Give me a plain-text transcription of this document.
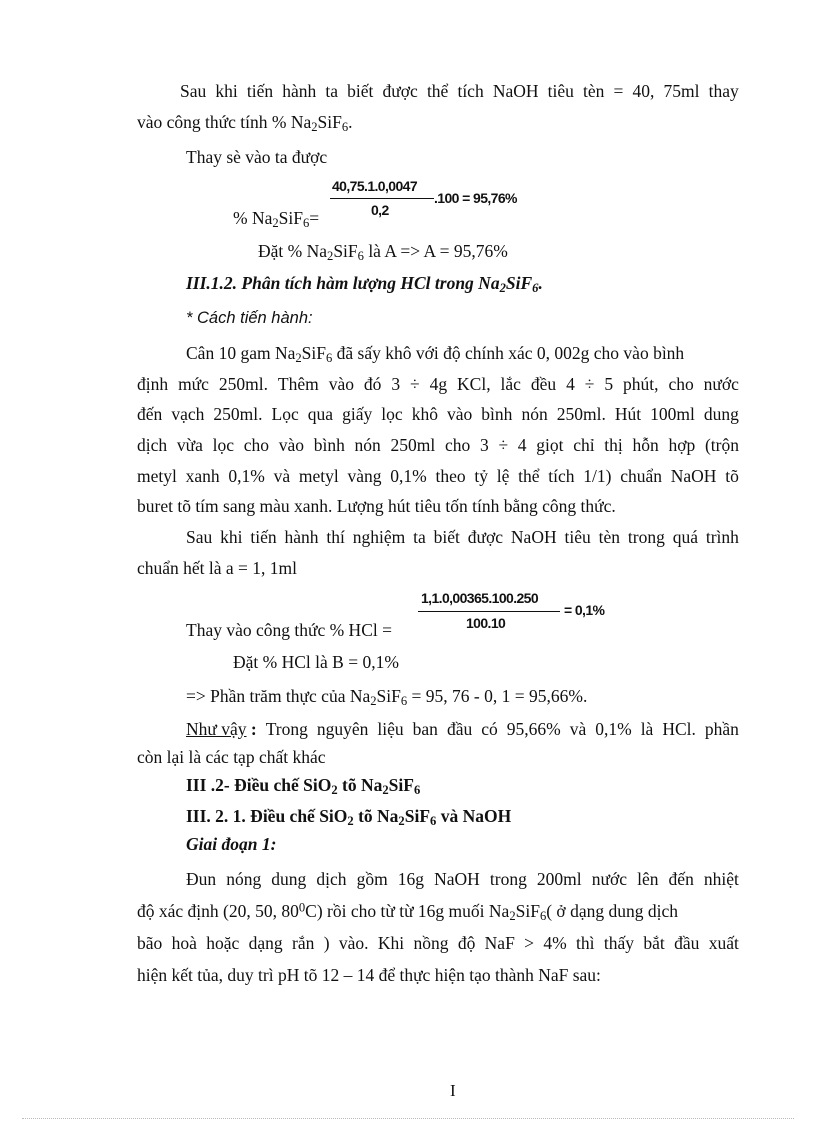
Sau khi tiến hành ta biết được thể tích NaOH tiêu tèn = 40, 75ml thay
vào công thức tính % $Na_2SiF_6$.
Thay sè vào ta được
% $Na_2SiF_6=$
40,75.1.0,0047
0,2
.100 = 95,76%
Đặt % $Na_2SiF_6$ là A => A = 95,76%
III.1.2. Phân tích hàm lượng HCl trong $Na_2SiF_6$.
* Cách tiến hành:
Cân 10 gam $Na_2SiF_6$ đã sấy khô với độ chính xác 0, 002g cho vào bình
định mức 250ml. Thêm vào đó 3 ÷ 4g KCl, lắc đều 4 ÷ 5 phút, cho nước
đến vạch 250ml. Lọc qua giấy lọc khô vào bình nón 250ml. Hút 100ml dung
dịch vừa lọc cho vào bình nón 250ml cho 3 ÷ 4 giọt chỉ thị hỗn hợp (trộn
metyl xanh 0,1% và metyl vàng 0,1% theo tỷ lệ thể tích 1/1) chuẩn NaOH tõ
buret tõ tím sang màu xanh. Lượng hút tiêu tốn tính bằng công thức.
Sau khi tiến hành thí nghiệm ta biết được NaOH tiêu tèn trong quá trình
chuẩn hết là a = 1, 1ml
Thay vào công thức % HCl =
1,1.0,00365.100.250
100.10
= 0,1%
Đặt % HCl là B = 0,1%
=> Phần trăm thực của $Na_2SiF_6 = 95$, 76 - 0, 1 = 95,66%.
Như vậy : Trong nguyên liệu ban đầu có 95,66% và 0,1% là HCl. phần
còn lại là các tạp chất khác
III .2- Điều chế SiO$_2$ tõ $Na_2SiF_6$
III. 2. 1. Điều chế SiO$_2$ tõ $Na_2SiF_6$ và NaOH
Giai đoạn 1:
Đun nóng dung dịch gồm 16g NaOH trong 200ml nước lên đến nhiệt
độ xác định (20, 50, $80^0C$) rồi cho từ từ 16g muối $Na_2SiF_6$( ở dạng dung dịch
bão hoà hoặc dạng rắn ) vào. Khi nồng độ NaF > 4% thì thấy bắt đầu xuất
hiện kết tủa, duy trì pH tõ 12 – 14 để thực hiện tạo thành NaF sau:
I
